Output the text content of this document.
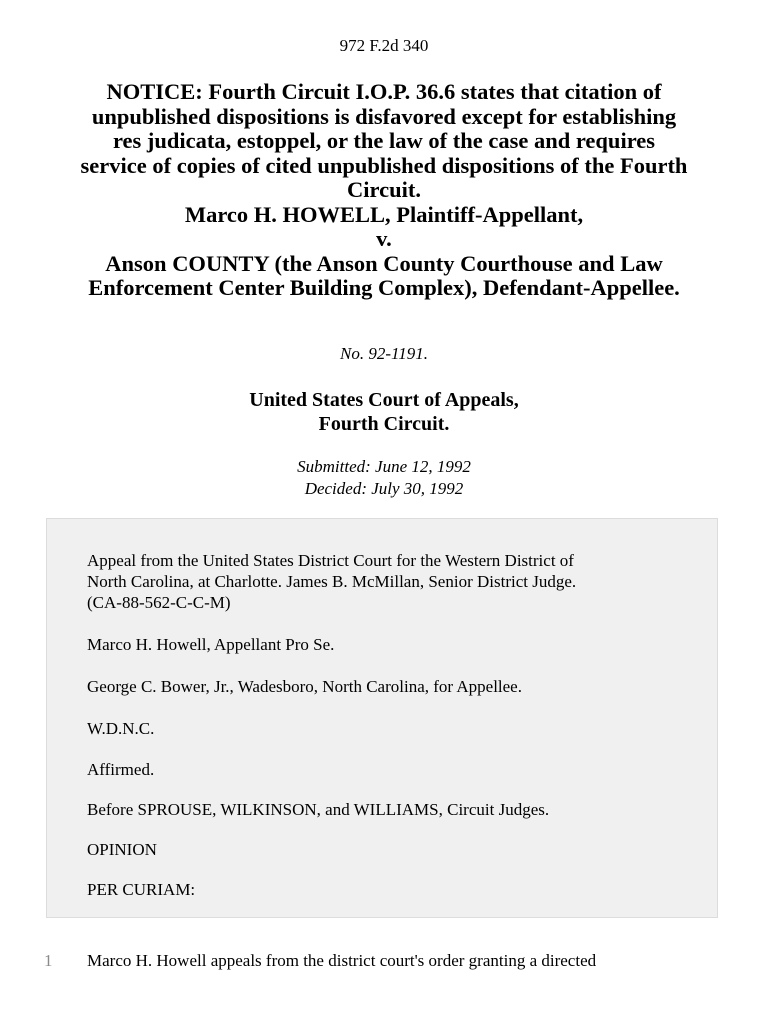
972 F.2d 340
NOTICE: Fourth Circuit I.O.P. 36.6 states that citation of
unpublished dispositions is disfavored except for establishing
res judicata, estoppel, or the law of the case and requires
service of copies of cited unpublished dispositions of the Fourth
Circuit.
Marco H. HOWELL, Plaintiff-Appellant,
v.
Anson COUNTY (the Anson County Courthouse and Law
Enforcement Center Building Complex), Defendant-Appellee.
No. 92-1191.
United States Court of Appeals,
Fourth Circuit.
Submitted: June 12, 1992
Decided: July 30, 1992

Appeal from the United States District Court for the Western District of
North Carolina, at Charlotte. James B. McMillan, Senior District Judge.
(CA-88-562-C-C-M)

Marco H. Howell, Appellant Pro Se.

George C. Bower, Jr., Wadesboro, North Carolina, for Appellee.

W.D.N.C.

Affirmed.

Before SPROUSE, WILKINSON, and WILLIAMS, Circuit Judges.

OPINION

PER CURIAM:

1 Marco H. Howell appeals from the district court's order granting a directed
